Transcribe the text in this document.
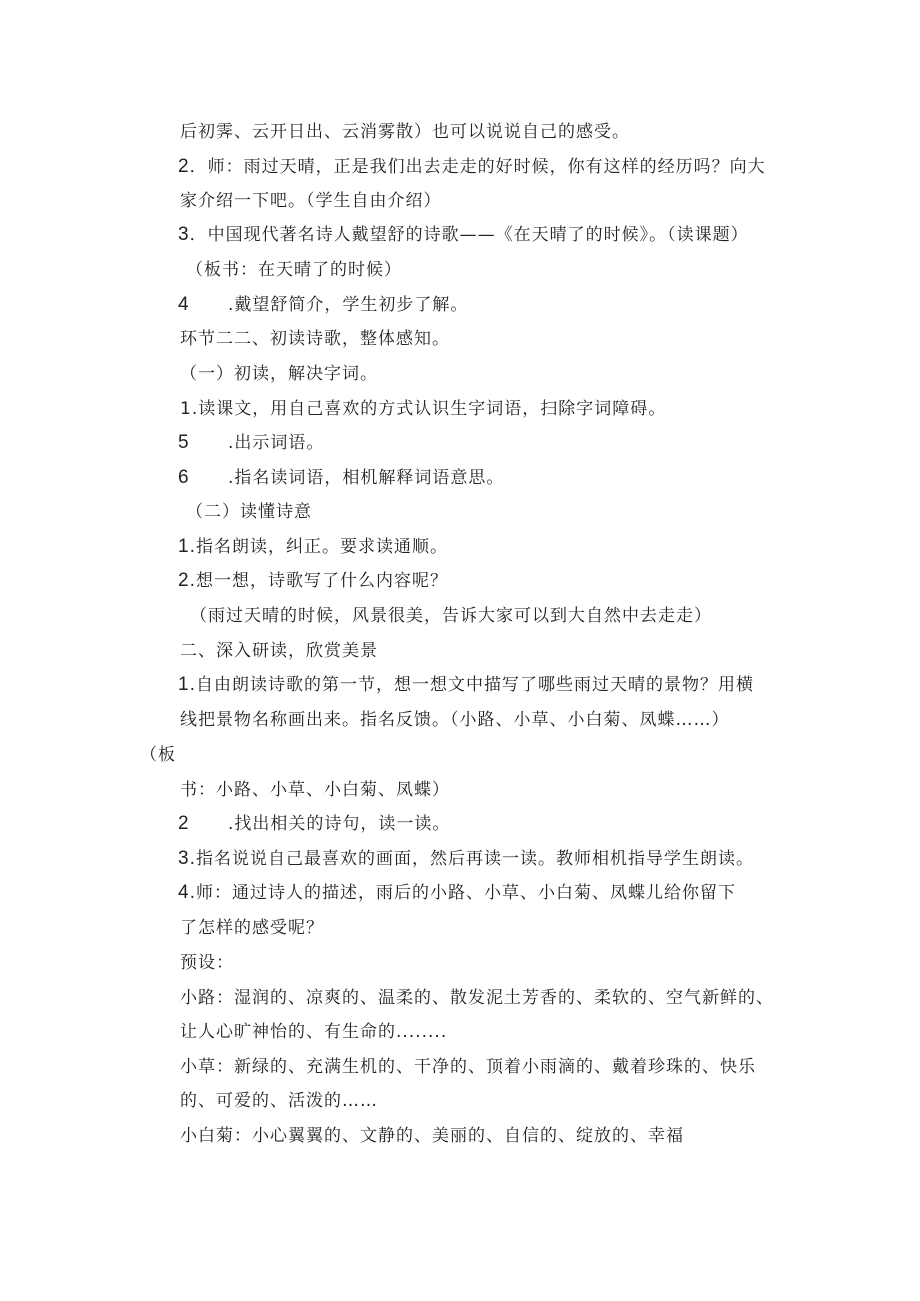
后初霁、云开日出、云消雾散）也可以说说自己的感受。
2．师：雨过天晴，正是我们出去走走的好时候，你有这样的经历吗？向大
家介绍一下吧。（学生自由介绍）
3．中国现代著名诗人戴望舒的诗歌——《在天晴了的时候》。（读课题）
（板书：在天晴了的时候）
4 .戴望舒简介，学生初步了解。
环节二二、初读诗歌，整体感知。
（一）初读，解决字词。
1.读课文，用自己喜欢的方式认识生字词语，扫除字词障碍。
5 .出示词语。
6 .指名读词语，相机解释词语意思。
（二）读懂诗意
1.指名朗读，纠正。要求读通顺。
2.想一想，诗歌写了什么内容呢？
（雨过天晴的时候，风景很美，告诉大家可以到大自然中去走走）
二、深入研读，欣赏美景
1.自由朗读诗歌的第一节，想一想文中描写了哪些雨过天晴的景物？用横
线把景物名称画出来。指名反馈。（小路、小草、小白菊、凤蝶……）
（板
书：小路、小草、小白菊、凤蝶）
2 .找出相关的诗句，读一读。
3.指名说说自己最喜欢的画面，然后再读一读。教师相机指导学生朗读。
4.师：通过诗人的描述，雨后的小路、小草、小白菊、凤蝶儿给你留下
了怎样的感受呢？
预设：
小路：湿润的、凉爽的、温柔的、散发泥土芳香的、柔软的、空气新鲜的、
让人心旷神怡的、有生命的........
小草：新绿的、充满生机的、干净的、顶着小雨滴的、戴着珍珠的、快乐
的、可爱的、活泼的……
小白菊：小心翼翼的、文静的、美丽的、自信的、绽放的、幸福
